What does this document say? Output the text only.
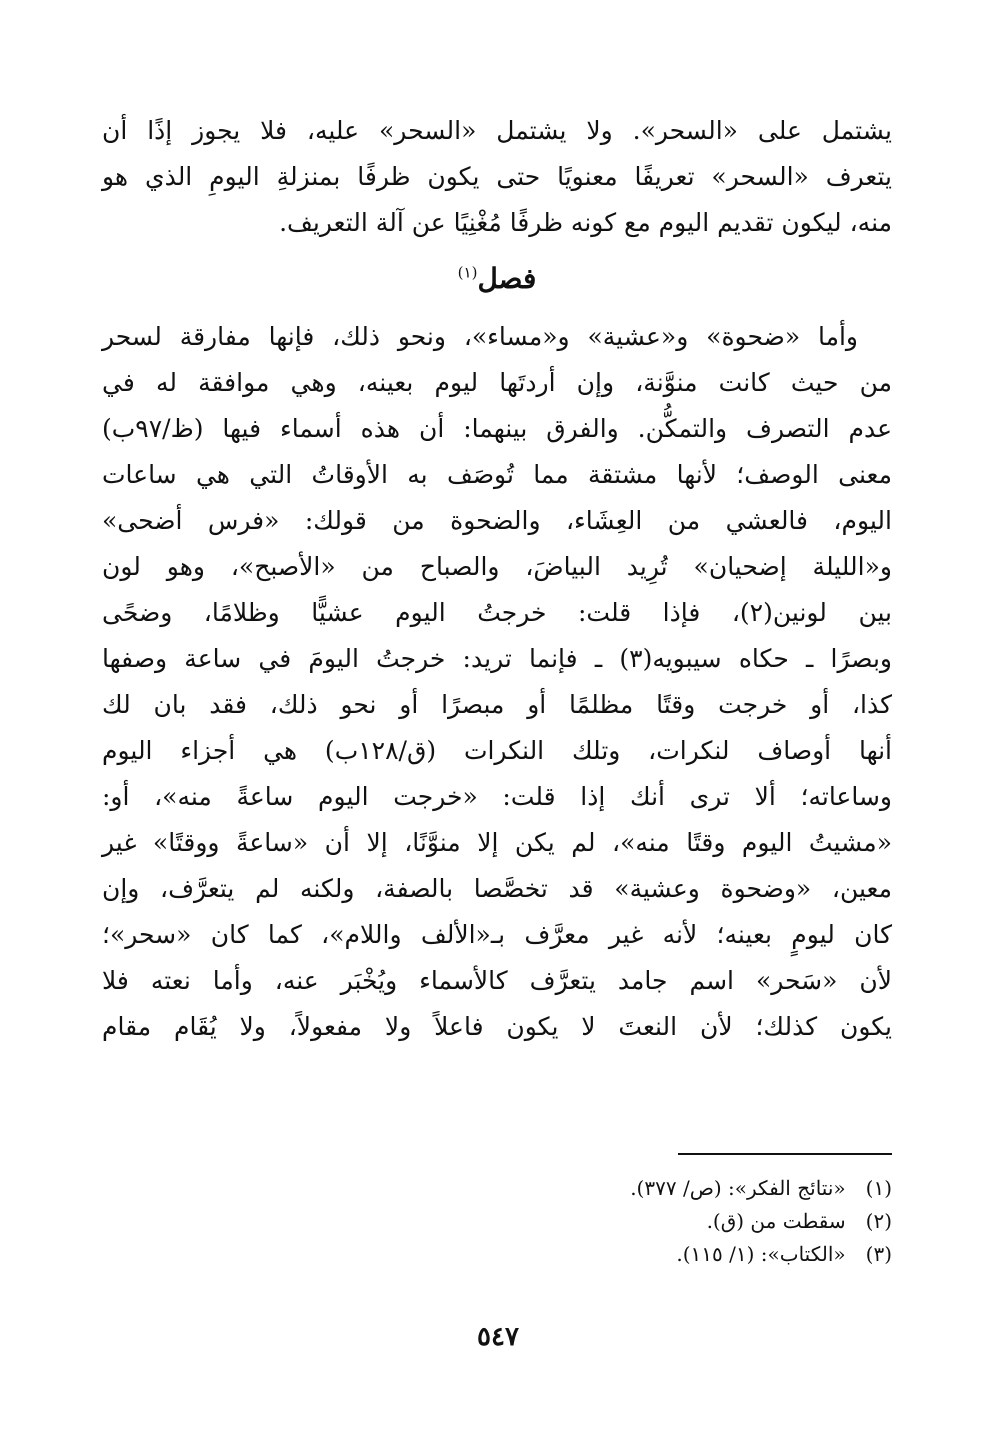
يشتمل على «السحر». ولا يشتمل «السحر» عليه، فلا يجوز إذًا أن
يتعرف «السحر» تعريفًا معنويًا حتى يكون ظرفًا بمنزلةِ اليومِ الذي هو
منه، ليكون تقديم اليوم مع كونه ظرفًا مُغْنِيًا عن آلة التعريف.
فصل$^{(١)}$
وأما «ضحوة» و«عشية» و«مساء»، ونحو ذلك، فإنها مفارقة لسحر
من حيث كانت منوَّنة، وإن أردتَها ليوم بعينه، وهي موافقة له في
عدم التصرف والتمكُّن. والفرق بينهما: أن هذه أسماء فيها (ظ/٩٧ب)
معنى الوصف؛ لأنها مشتقة مما تُوصَف به الأوقاتُ التي هي ساعات
اليوم، فالعشي من العِشَاء، والضحوة من قولك: «فرس أضحى»
و«الليلة إضحيان» تُرِيد البياضَ، والصباح من «الأصبح»، وهو لون
بين لونين(٢)، فإذا قلت: خرجتُ اليوم عشيًّا وظلامًا، وضحًى
وبصرًا ـ حكاه سيبويه(٣) ـ فإنما تريد: خرجتُ اليومَ في ساعة وصفها
كذا، أو خرجت وقتًا مظلمًا أو مبصرًا أو نحو ذلك، فقد بان لك
أنها أوصاف لنكرات، وتلك النكرات (ق/١٢٨ب) هي أجزاء اليوم
وساعاته؛ ألا ترى أنك إذا قلت: «خرجت اليوم ساعةً منه»، أو:
«مشيتُ اليوم وقتًا منه»، لم يكن إلا منوَّنًا، إلا أن «ساعةً ووقتًا» غير
معين، «وضحوة وعشية» قد تخصَّصا بالصفة، ولكنه لم يتعرَّف، وإن
كان ليومٍ بعينه؛ لأنه غير معرَّف بـ«الألف واللام»، كما كان «سحر»؛
لأن «سَحر» اسم جامد يتعرَّف كالأسماء ويُخْبَر عنه، وأما نعته فلا
يكون كذلك؛ لأن النعتَ لا يكون فاعلاً ولا مفعولاً، ولا يُقَام مقام
(١) «نتائج الفكر»: (ص/ ٣٧٧).
(٢) سقطت من (ق).
(٣) «الكتاب»: (١/ ١١٥).
٥٤٧
